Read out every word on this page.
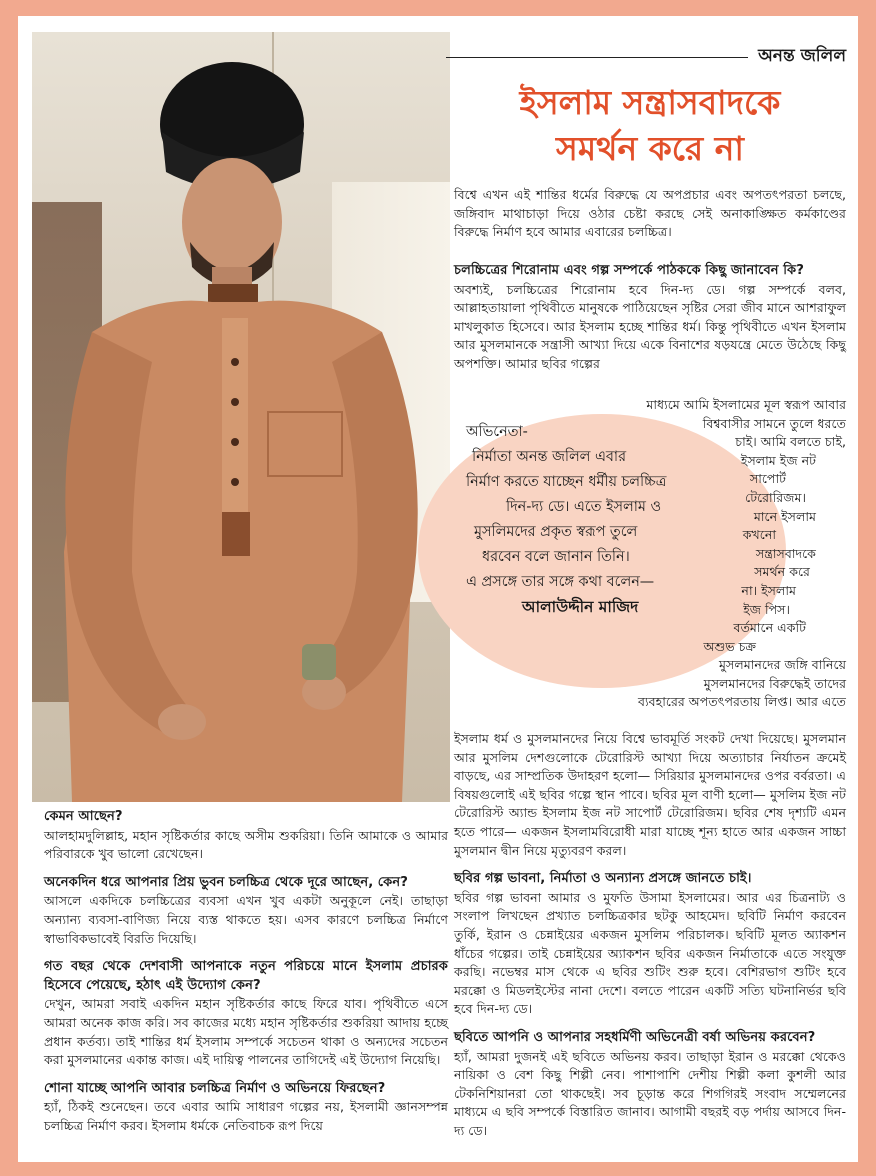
অনন্ত জলিল
ইসলাম সন্ত্রাসবাদকে
সমর্থন করে না

বিশ্বে এখন এই শান্তির ধর্মের বিরুদ্ধে যে অপপ্রচার এবং অপতৎপরতা চলছে, জঙ্গিবাদ মাথাচাড়া দিয়ে ওঠার চেষ্টা করছে সেই অনাকাঙ্ক্ষিত কর্মকাণ্ডের বিরুদ্ধে নির্মাণ হবে আমার এবারের চলচ্চিত্র।

চলচ্চিত্রের শিরোনাম এবং গল্প সম্পর্কে পাঠককে কিছু জানাবেন কি?

অবশ্যই, চলচ্চিত্রের শিরোনাম হবে দিন-দ্য ডে। গল্প সম্পর্কে বলব, আল্লাহতায়ালা পৃথিবীতে মানুষকে পাঠিয়েছেন সৃষ্টির সেরা জীব মানে আশরাফুল মাখলুকাত হিসেবে। আর ইসলাম হচ্ছে শান্তির ধর্ম। কিন্তু পৃথিবীতে এখন ইসলাম আর মুসলমানকে সন্ত্রাসী আখ্যা দিয়ে একে বিনাশের ষড়যন্ত্রে মেতে উঠেছে কিছু অপশক্তি। আমার ছবির গল্পের

মাধ্যমে আমি ইসলামের মূল স্বরূপ আবার
বিশ্ববাসীর সামনে তুলে ধরতে
চাই। আমি বলতে চাই,
ইসলাম ইজ নট
সাপোর্ট
টেরোরিজম।
মানে ইসলাম
কখনো
সন্ত্রাসবাদকে
সমর্থন করে
না। ইসলাম
ইজ পিস।
বর্তমানে একটি
অশুভ চক্র
মুসলমানদের জঙ্গি বানিয়ে
মুসলমানদের বিরুদ্ধেই তাদের
ব্যবহারের অপতৎপরতায় লিপ্ত। আর এতে
অভিনেতা-
নির্মাতা অনন্ত জলিল এবার
নির্মাণ করতে যাচ্ছেন ধর্মীয় চলচ্চিত্র
দিন-দ্য ডে। এতে ইসলাম ও
মুসলিমদের প্রকৃত স্বরূপ তুলে
ধরবেন বলে জানান তিনি।
এ প্রসঙ্গে তার সঙ্গে কথা বলেন—
আলাউদ্দীন মাজিদ

ইসলাম ধর্ম ও মুসলমানদের নিয়ে বিশ্বে ভাবমূর্তি সংকট দেখা দিয়েছে। মুসলমান আর মুসলিম দেশগুলোকে টেরোরিস্ট আখ্যা দিয়ে অত্যাচার নির্যাতন ক্রমেই বাড়ছে, এর সাম্প্রতিক উদাহরণ হলো— সিরিয়ার মুসলমানদের ওপর বর্বরতা। এ বিষয়গুলোই এই ছবির গল্পে স্থান পাবে। ছবির মূল বাণী হলো— মুসলিম ইজ নট টেরোরিস্ট অ্যান্ড ইসলাম ইজ নট সাপোর্ট টেরোরিজম। ছবির শেষ দৃশ্যটি এমন হতে পারে— একজন ইসলামবিরোধী মারা যাচ্ছে শূন্য হাতে আর একজন সাচ্চা মুসলমান দ্বীন নিয়ে মৃত্যুবরণ করল।

ছবির গল্প ভাবনা, নির্মাতা ও অন্যান্য প্রসঙ্গে জানতে চাই।

ছবির গল্প ভাবনা আমার ও মুফতি উসামা ইসলামের। আর এর চিত্রনাট্য ও সংলাপ লিখছেন প্রখ্যাত চলচ্চিত্রকার ছটকু আহমেদ। ছবিটি নির্মাণ করবেন তুর্কি, ইরান ও চেন্নাইয়ের একজন মুসলিম পরিচালক। ছবিটি মূলত অ্যাকশন ধাঁচের গল্পের। তাই চেন্নাইয়ের অ্যাকশন ছবির একজন নির্মাতাকে এতে সংযুক্ত করছি। নভেম্বর মাস থেকে এ ছবির শুটিং শুরু হবে। বেশিরভাগ শুটিং হবে মরক্কো ও মিডলইস্টের নানা দেশে। বলতে পারেন একটি সত্যি ঘটনানির্ভর ছবি হবে দিন-দ্য ডে।

ছবিতে আপনি ও আপনার সহধর্মিণী অভিনেত্রী বর্ষা অভিনয় করবেন?

হ্যাঁ, আমরা দুজনই এই ছবিতে অভিনয় করব। তাছাড়া ইরান ও মরক্কো থেকেও নায়িকা ও বেশ কিছু শিল্পী নেব। পাশাপাশি দেশীয় শিল্পী কলা কুশলী আর টেকনিশিয়ানরা তো থাকছেই। সব চূড়ান্ত করে শিগগিরই সংবাদ সম্মেলনের মাধ্যমে এ ছবি সম্পর্কে বিস্তারিত জানাব। আগামী বছরই বড় পর্দায় আসবে দিন-দ্য ডে।

কেমন আছেন?

আলহামদুলিল্লাহ, মহান সৃষ্টিকর্তার কাছে অসীম শুকরিয়া। তিনি আমাকে ও আমার পরিবারকে খুব ভালো রেখেছেন।

অনেকদিন ধরে আপনার প্রিয় ভুবন চলচ্চিত্র থেকে দূরে আছেন, কেন?

আসলে একদিকে চলচ্চিত্রের ব্যবসা এখন খুব একটা অনুকূলে নেই। তাছাড়া অন্যান্য ব্যবসা-বাণিজ্য নিয়ে ব্যস্ত থাকতে হয়। এসব কারণে চলচ্চিত্র নির্মাণে স্বাভাবিকভাবেই বিরতি দিয়েছি।

গত বছর থেকে দেশবাসী আপনাকে নতুন পরিচয়ে মানে ইসলাম প্রচারক হিসেবে পেয়েছে, হঠাৎ এই উদ্যোগ কেন?

দেখুন, আমরা সবাই একদিন মহান সৃষ্টিকর্তার কাছে ফিরে যাব। পৃথিবীতে এসে আমরা অনেক কাজ করি। সব কাজের মধ্যে মহান সৃষ্টিকর্তার শুকরিয়া আদায় হচ্ছে প্রধান কর্তব্য। তাই শান্তির ধর্ম ইসলাম সম্পর্কে সচেতন থাকা ও অন্যদের সচেতন করা মুসলমানের একান্ত কাজ। এই দায়িত্ব পালনের তাগিদেই এই উদ্যোগ নিয়েছি।

শোনা যাচ্ছে আপনি আবার চলচ্চিত্র নির্মাণ ও অভিনয়ে ফিরছেন?

হ্যাঁ, ঠিকই শুনেছেন। তবে এবার আমি সাধারণ গল্পের নয়, ইসলামী জ্ঞানসম্পন্ন চলচ্চিত্র নির্মাণ করব। ইসলাম ধর্মকে নেতিবাচক রূপ দিয়ে
